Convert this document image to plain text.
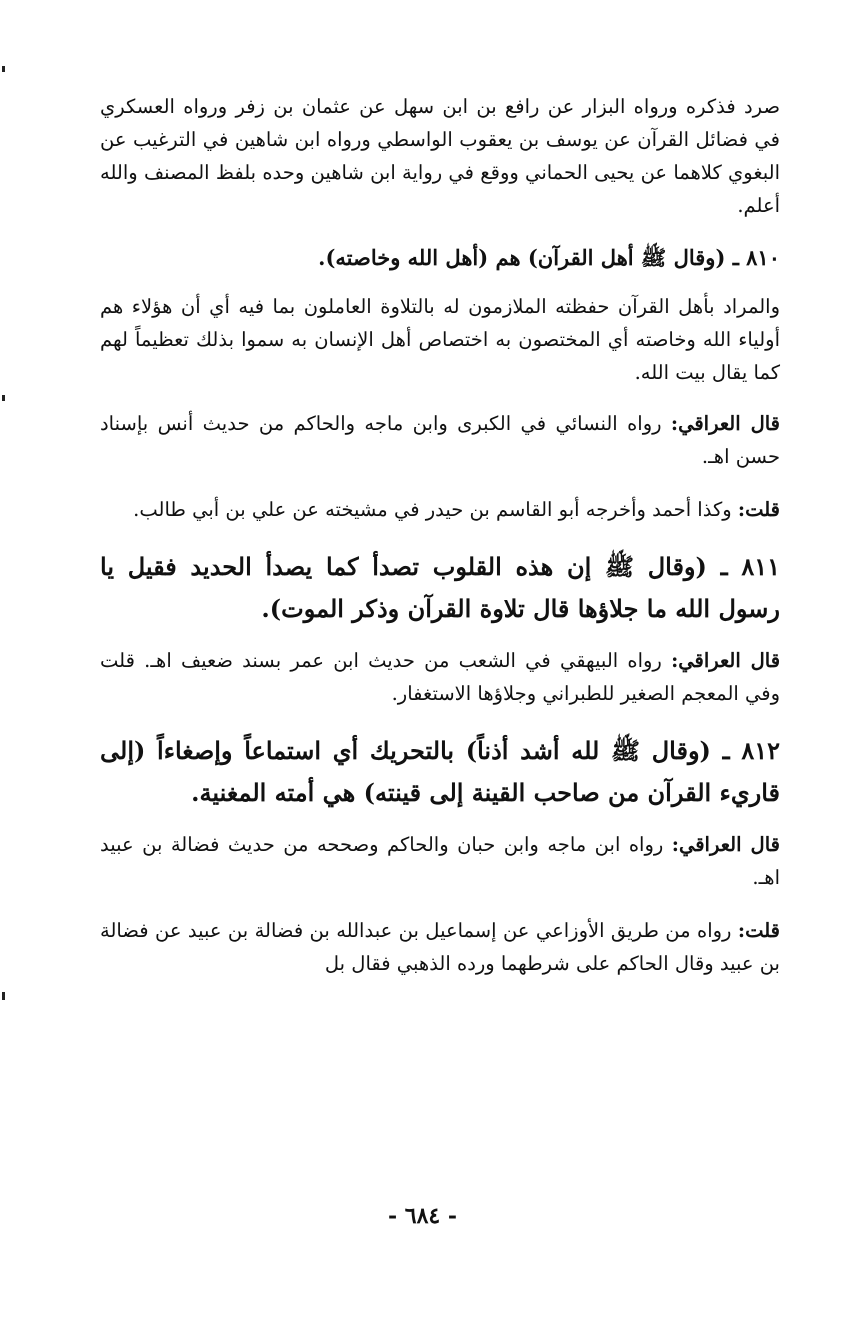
صرد فذكره ورواه البزار عن رافع بن ابن سهل عن عثمان بن زفر ورواه العسكري في فضائل القرآن عن يوسف بن يعقوب الواسطي ورواه ابن شاهين في الترغيب عن البغوي كلاهما عن يحيى الحماني ووقع في رواية ابن شاهين وحده بلفظ المصنف والله أعلم.

٨١٠ ـ (وقال ﷺ أهل القرآن) هم (أهل الله وخاصته).

والمراد بأهل القرآن حفظته الملازمون له بالتلاوة العاملون بما فيه أي أن هؤلاء هم أولياء الله وخاصته أي المختصون به اختصاص أهل الإنسان به سموا بذلك تعظيماً لهم كما يقال بيت الله.

قال العراقي: رواه النسائي في الكبرى وابن ماجه والحاكم من حديث أنس بإسناد حسن اهـ.

قلت: وكذا أحمد وأخرجه أبو القاسم بن حيدر في مشيخته عن علي بن أبي طالب.

٨١١ ـ (وقال ﷺ إن هذه القلوب تصدأ كما يصدأ الحديد فقيل يا رسول الله ما جلاؤها قال تلاوة القرآن وذكر الموت).

قال العراقي: رواه البيهقي في الشعب من حديث ابن عمر بسند ضعيف اهـ. قلت وفي المعجم الصغير للطبراني وجلاؤها الاستغفار.

٨١٢ ـ (وقال ﷺ لله أشد أذناً) بالتحريك أي استماعاً وإصغاءاً (إلى قاريء القرآن من صاحب القينة إلى قينته) هي أمته المغنية.

قال العراقي: رواه ابن ماجه وابن حبان والحاكم وصححه من حديث فضالة بن عبيد اهـ.

قلت: رواه من طريق الأوزاعي عن إسماعيل بن عبدالله بن فضالة بن عبيد عن فضالة بن عبيد وقال الحاكم على شرطهما ورده الذهبي فقال بل

- ٦٨٤ -
